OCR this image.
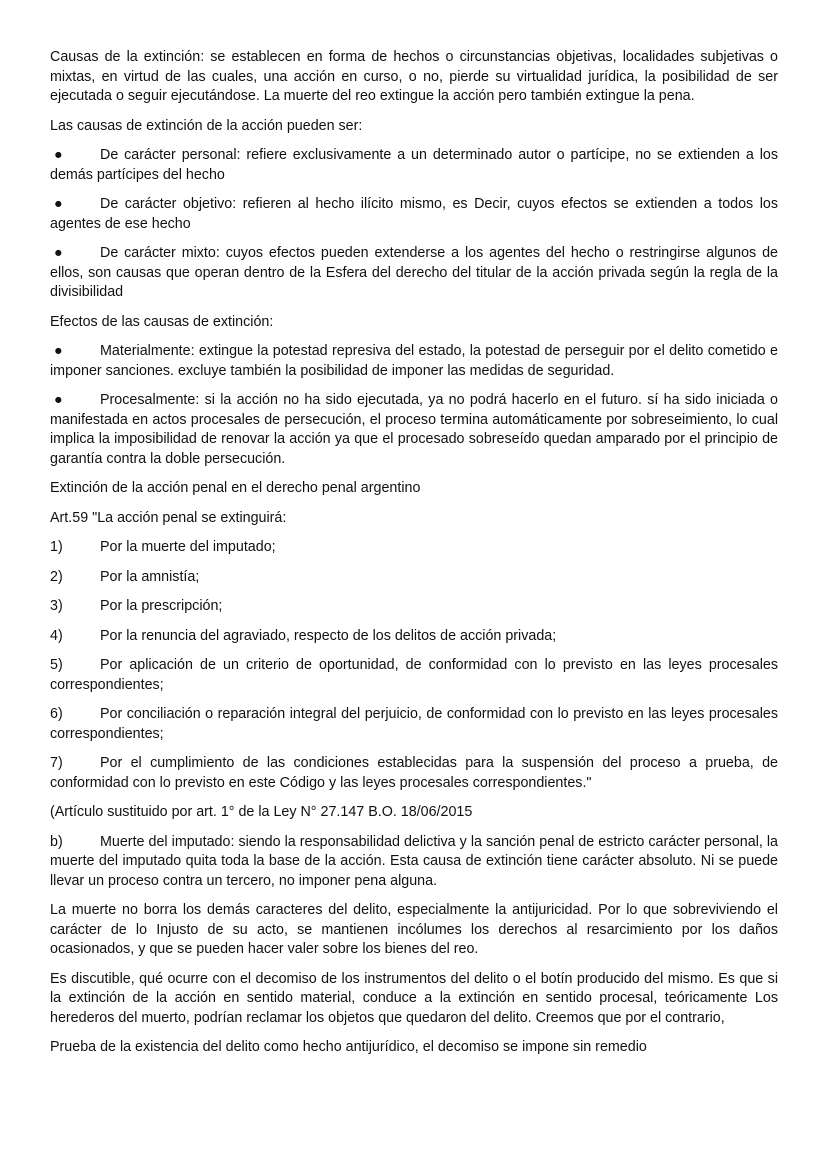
Causas de la extinción: se establecen en forma de hechos o circunstancias objetivas, localidades subjetivas o mixtas, en virtud de las cuales, una acción en curso, o no, pierde su virtualidad jurídica, la posibilidad de ser ejecutada o seguir ejecutándose. La muerte del reo extingue la acción pero también extingue la pena.

Las causas de extinción de la acción pueden ser:

●	De carácter personal: refiere exclusivamente a un determinado autor o partícipe, no se extienden a los demás partícipes del hecho
●	De carácter objetivo: refieren al hecho ilícito mismo, es Decir, cuyos efectos se extienden a todos los agentes de ese hecho
●	De carácter mixto: cuyos efectos pueden extenderse a los agentes del hecho o restringirse algunos de ellos, son causas que operan dentro de la Esfera del derecho del titular de la acción privada según la regla de la divisibilidad

Efectos de las causas de extinción:

●	Materialmente: extingue la potestad represiva del estado, la potestad de perseguir por el delito cometido e imponer sanciones. excluye también la posibilidad de imponer las medidas de seguridad.
●	Procesalmente: si la acción no ha sido ejecutada, ya no podrá hacerlo en el futuro. sí ha sido iniciada o manifestada en actos procesales de persecución, el proceso termina automáticamente por sobreseimiento, lo cual implica la imposibilidad de renovar la acción ya que el procesado sobreseído quedan amparado por el principio de garantía contra la doble persecución.

Extinción de la acción penal en el derecho penal argentino

Art.59 "La acción penal se extinguirá:

1)	Por la muerte del imputado;
2)	Por la amnistía;
3)	Por la prescripción;
4)	Por la renuncia del agraviado, respecto de los delitos de acción privada;
5)	Por aplicación de un criterio de oportunidad, de conformidad con lo previsto en las leyes procesales correspondientes;
6)	Por conciliación o reparación integral del perjuicio, de conformidad con lo previsto en las leyes procesales correspondientes;
7)	Por el cumplimiento de las condiciones establecidas para la suspensión del proceso a prueba, de conformidad con lo previsto en este Código y las leyes procesales correspondientes."

(Artículo sustituido por art. 1° de la Ley N° 27.147 B.O. 18/06/2015

b)	Muerte del imputado: siendo la responsabilidad delictiva y la sanción penal de estricto carácter personal, la muerte del imputado quita toda la base de la acción. Esta causa de extinción tiene carácter absoluto. Ni se puede llevar un proceso contra un tercero, no imponer pena alguna.

La muerte no borra los demás caracteres del delito, especialmente la antijuricidad. Por lo que sobreviviendo el carácter de lo Injusto de su acto, se mantienen incólumes los derechos al resarcimiento por los daños ocasionados, y que se pueden hacer valer sobre los bienes del reo.

Es discutible, qué ocurre con el decomiso de los instrumentos del delito o el botín producido del mismo. Es que si la extinción de la acción en sentido material, conduce a la extinción en sentido procesal, teóricamente Los herederos del muerto, podrían reclamar los objetos que quedaron del delito. Creemos que por el contrario,

Prueba de la existencia del delito como hecho antijurídico, el decomiso se impone sin remedio
